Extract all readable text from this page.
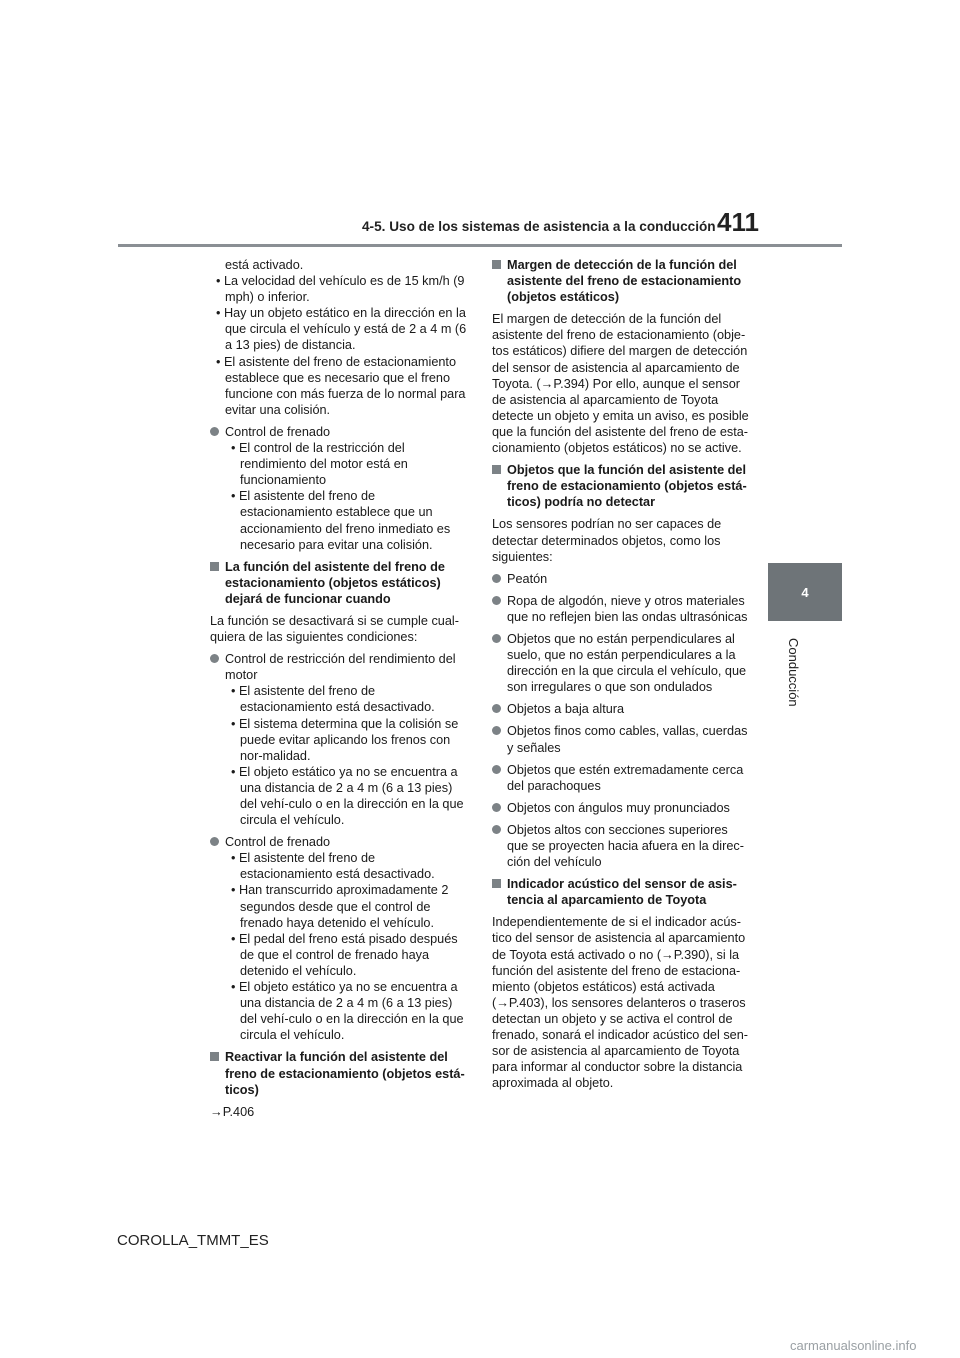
4-5. Uso de los sistemas de asistencia a la conducción 411
4
Conducción

está activado.

• La velocidad del vehículo es de 15 km/h (9 mph) o inferior.

• Hay un objeto estático en la dirección en la que circula el vehículo y está de 2 a 4 m (6 a 13 pies) de distancia.

• El asistente del freno de estacionamiento establece que es necesario que el freno funcione con más fuerza de lo normal para evitar una colisión.

Control de frenado

• El control de la restricción del rendimiento del motor está en funcionamiento

• El asistente del freno de estacionamiento establece que un accionamiento del freno inmediato es necesario para evitar una colisión.

La función del asistente del freno de estacionamiento (objetos estáticos) dejará de funcionar cuando

La función se desactivará si se cumple cual-quiera de las siguientes condiciones:

Control de restricción del rendimiento del motor

• El asistente del freno de estacionamiento está desactivado.

• El sistema determina que la colisión se puede evitar aplicando los frenos con nor-malidad.

• El objeto estático ya no se encuentra a una distancia de 2 a 4 m (6 a 13 pies) del vehí-culo o en la dirección en la que circula el vehículo.

Control de frenado

• El asistente del freno de estacionamiento está desactivado.

• Han transcurrido aproximadamente 2 segundos desde que el control de frenado haya detenido el vehículo.

• El pedal del freno está pisado después de que el control de frenado haya detenido el vehículo.

• El objeto estático ya no se encuentra a una distancia de 2 a 4 m (6 a 13 pies) del vehí-culo o en la dirección en la que circula el vehículo.

Reactivar la función del asistente del freno de estacionamiento (objetos está-ticos)

→P.406

Margen de detección de la función del asistente del freno de estacionamiento (objetos estáticos)

El margen de detección de la función del asistente del freno de estacionamiento (obje-tos estáticos) difiere del margen de detección del sensor de asistencia al aparcamiento de Toyota. (→P.394) Por ello, aunque el sensor de asistencia al aparcamiento de Toyota detecte un objeto y emita un aviso, es posible que la función del asistente del freno de esta-cionamiento (objetos estáticos) no se active.

Objetos que la función del asistente del freno de estacionamiento (objetos está-ticos) podría no detectar

Los sensores podrían no ser capaces de detectar determinados objetos, como los siguientes:

Peatón
Ropa de algodón, nieve y otros materiales que no reflejen bien las ondas ultrasónicas
Objetos que no están perpendiculares al suelo, que no están perpendiculares a la dirección en la que circula el vehículo, que son irregulares o que son ondulados
Objetos a baja altura
Objetos finos como cables, vallas, cuerdas y señales
Objetos que estén extremadamente cerca del parachoques
Objetos con ángulos muy pronunciados
Objetos altos con secciones superiores que se proyecten hacia afuera en la direc-ción del vehículo
Indicador acústico del sensor de asis-tencia al aparcamiento de Toyota

Independientemente de si el indicador acús-tico del sensor de asistencia al aparcamiento de Toyota está activado o no (→P.390), si la función del asistente del freno de estaciona-miento (objetos estáticos) está activada (→P.403), los sensores delanteros o traseros detectan un objeto y se activa el control de frenado, sonará el indicador acústico del sen-sor de asistencia al aparcamiento de Toyota para informar al conductor sobre la distancia aproximada al objeto.

COROLLA_TMMT_ES
carmanualsonline.info
